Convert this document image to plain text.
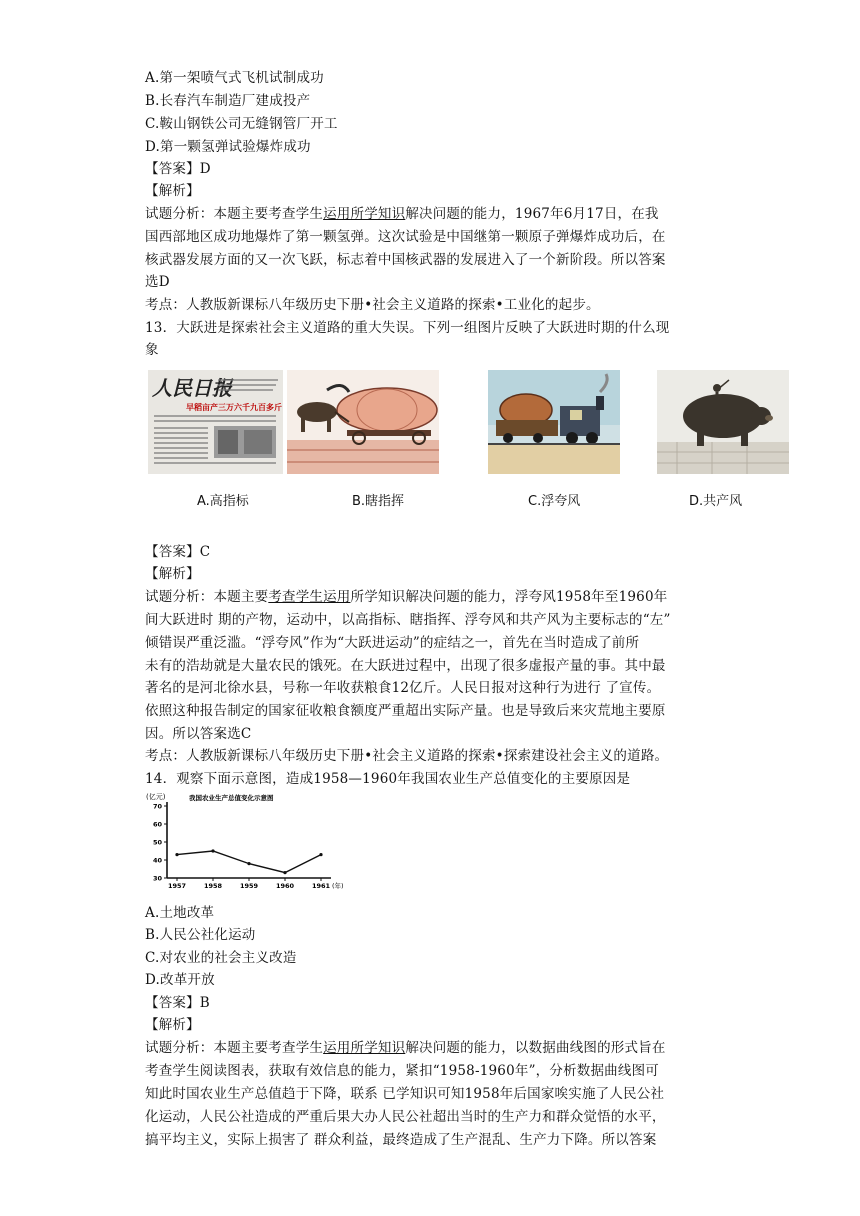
A.第一架喷气式飞机试制成功
B.长春汽车制造厂建成投产
C.鞍山钢铁公司无缝钢管厂开工
D.第一颗氢弹试验爆炸成功
【答案】D
【解析】
试题分析：本题主要考查学生运用所学知识解决问题的能力，1967年6月17日，在我
国西部地区成功地爆炸了第一颗氢弹。这次试验是中国继第一颗原子弹爆炸成功后，在
核武器发展方面的又一次飞跃，标志着中国核武器的发展进入了一个新阶段。所以答案
选D
考点：人教版新课标八年级历史下册•社会主义道路的探索•工业化的起步。
13．大跃进是探索社会主义道路的重大失误。下列一组图片反映了大跃进时期的什么现
象
人民日报
早稻亩产三万六千九百多斤
A.高指标	B.瞎指挥	C.浮夸风	D.共产风
【答案】C
【解析】
试题分析：本题主要考查学生运用所学知识解决问题的能力，浮夸风1958年至1960年
间大跃进时 期的产物，运动中，以高指标、瞎指挥、浮夸风和共产风为主要标志的“左”
倾错误严重泛滥。“浮夸风”作为“大跃进运动”的症结之一，首先在当时造成了前所
未有的浩劫就是大量农民的饿死。在大跃进过程中，出现了很多虚报产量的事。其中最
著名的是河北徐水县，号称一年收获粮食12亿斤。人民日报对这种行为进行 了宣传。
依照这种报告制定的国家征收粮食额度严重超出实际产量。也是导致后来灾荒地主要原
因。所以答案选C
考点：人教版新课标八年级历史下册•社会主义道路的探索•探索建设社会主义的道路。
14．观察下面示意图，造成1958—1960年我国农业生产总值变化的主要原因是
(亿元)	我国农业生产总值变化示意图
(年)
30
40
50
60
70
1957	1958	1959	1960	1961
A.土地改革
B.人民公社化运动
C.对农业的社会主义改造
D.改革开放
【答案】B
【解析】
试题分析：本题主要考查学生运用所学知识解决问题的能力，以数据曲线图的形式旨在
考查学生阅读图表，获取有效信息的能力，紧扣“1958-1960年”，分析数据曲线图可
知此时国农业生产总值趋于下降，联系 已学知识可知1958年后国家唉实施了人民公社
化运动，人民公社造成的严重后果大办人民公社超出当时的生产力和群众觉悟的水平，
搞平均主义，实际上损害了 群众利益，最终造成了生产混乱、生产力下降。所以答案
